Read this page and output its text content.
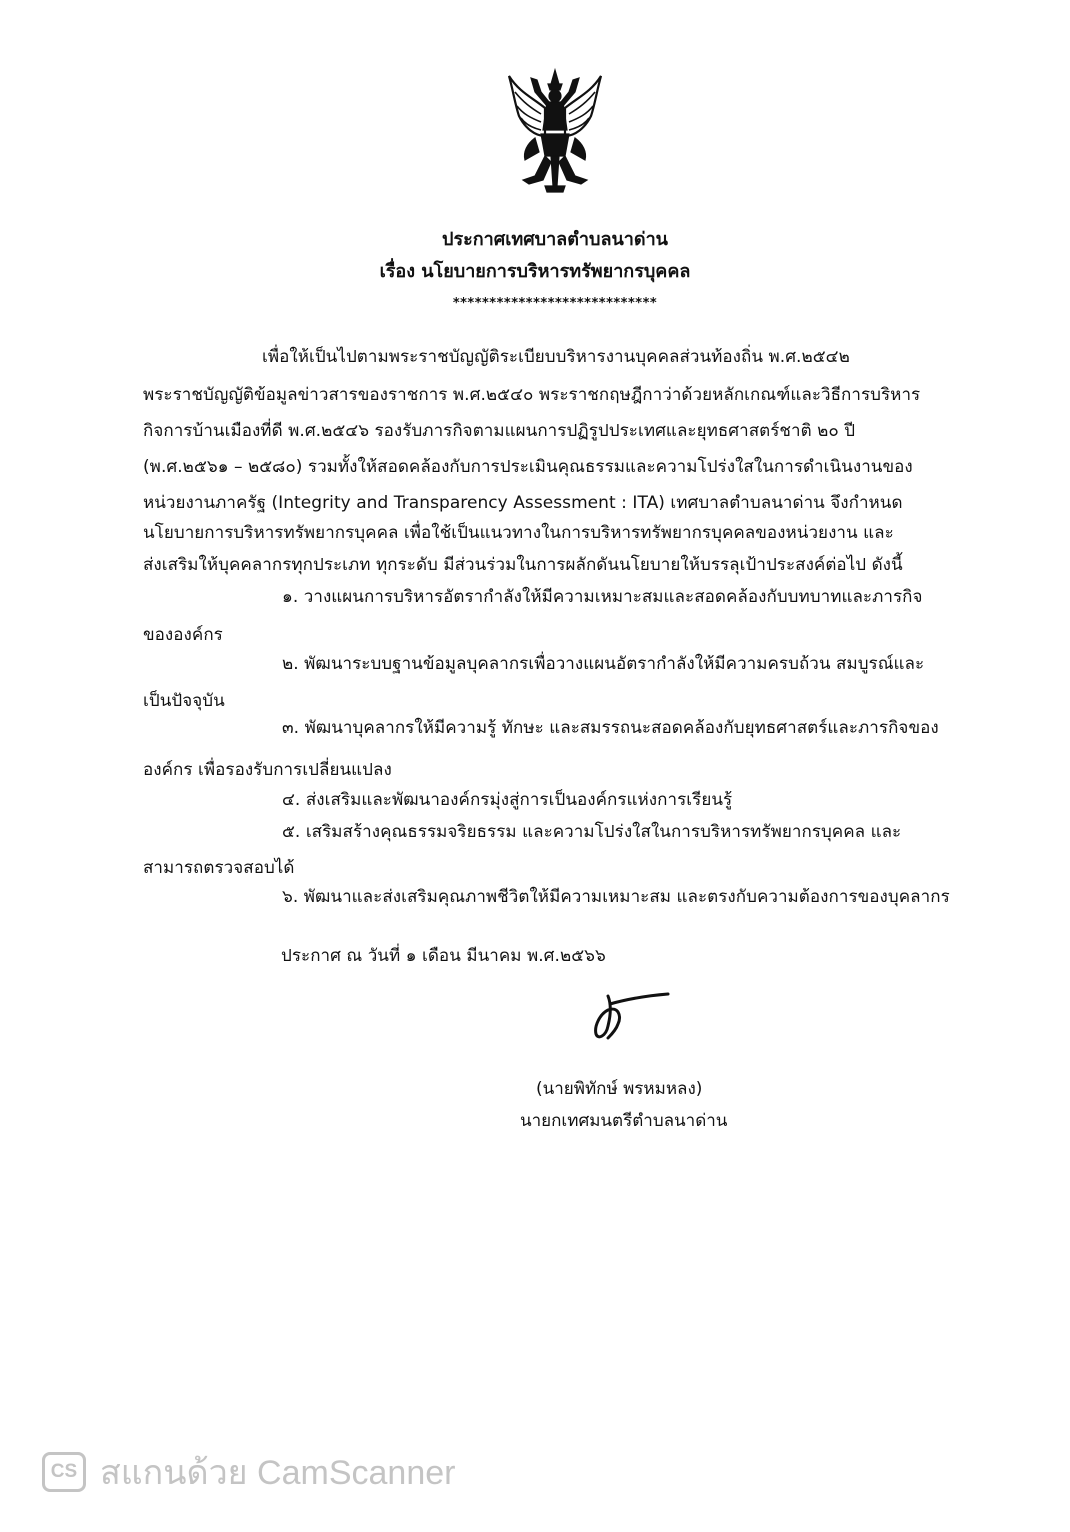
ประกาศเทศบาลตำบลนาด่าน
เรื่อง นโยบายการบริหารทรัพยากรบุคคล
****************************
เพื่อให้เป็นไปตามพระราชบัญญัติระเบียบบริหารงานบุคคลส่วนท้องถิ่น พ.ศ.๒๕๔๒
พระราชบัญญัติข้อมูลข่าวสารของราชการ พ.ศ.๒๕๔๐ พระราชกฤษฎีกาว่าด้วยหลักเกณฑ์และวิธีการบริหาร
กิจการบ้านเมืองที่ดี พ.ศ.๒๕๔๖ รองรับภารกิจตามแผนการปฏิรูปประเทศและยุทธศาสตร์ชาติ ๒๐ ปี
(พ.ศ.๒๕๖๑ – ๒๕๘๐) รวมทั้งให้สอดคล้องกับการประเมินคุณธรรมและความโปร่งใสในการดำเนินงานของ
หน่วยงานภาครัฐ (Integrity and Transparency Assessment : ITA) เทศบาลตำบลนาด่าน จึงกำหนด
นโยบายการบริหารทรัพยากรบุคคล เพื่อใช้เป็นแนวทางในการบริหารทรัพยากรบุคคลของหน่วยงาน และ
ส่งเสริมให้บุคคลากรทุกประเภท ทุกระดับ มีส่วนร่วมในการผลักดันนโยบายให้บรรลุเป้าประสงค์ต่อไป ดังนี้
๑. วางแผนการบริหารอัตรากำลังให้มีความเหมาะสมและสอดคล้องกับบทบาทและภารกิจ
ขององค์กร
๒. พัฒนาระบบฐานข้อมูลบุคลากรเพื่อวางแผนอัตรากำลังให้มีความครบถ้วน สมบูรณ์และ
เป็นปัจจุบัน
๓. พัฒนาบุคลากรให้มีความรู้ ทักษะ และสมรรถนะสอดคล้องกับยุทธศาสตร์และภารกิจของ
องค์กร เพื่อรองรับการเปลี่ยนแปลง
๔. ส่งเสริมและพัฒนาองค์กรมุ่งสู่การเป็นองค์กรแห่งการเรียนรู้
๕. เสริมสร้างคุณธรรมจริยธรรม และความโปร่งใสในการบริหารทรัพยากรบุคคล และ
สามารถตรวจสอบได้
๖. พัฒนาและส่งเสริมคุณภาพชีวิตให้มีความเหมาะสม และตรงกับความต้องการของบุคลากร
ประกาศ ณ วันที่ ๑ เดือน มีนาคม พ.ศ.๒๕๖๖
(นายพิทักษ์ พรหมหลง)
นายกเทศมนตรีตำบลนาด่าน
CS สแกนด้วย CamScanner
